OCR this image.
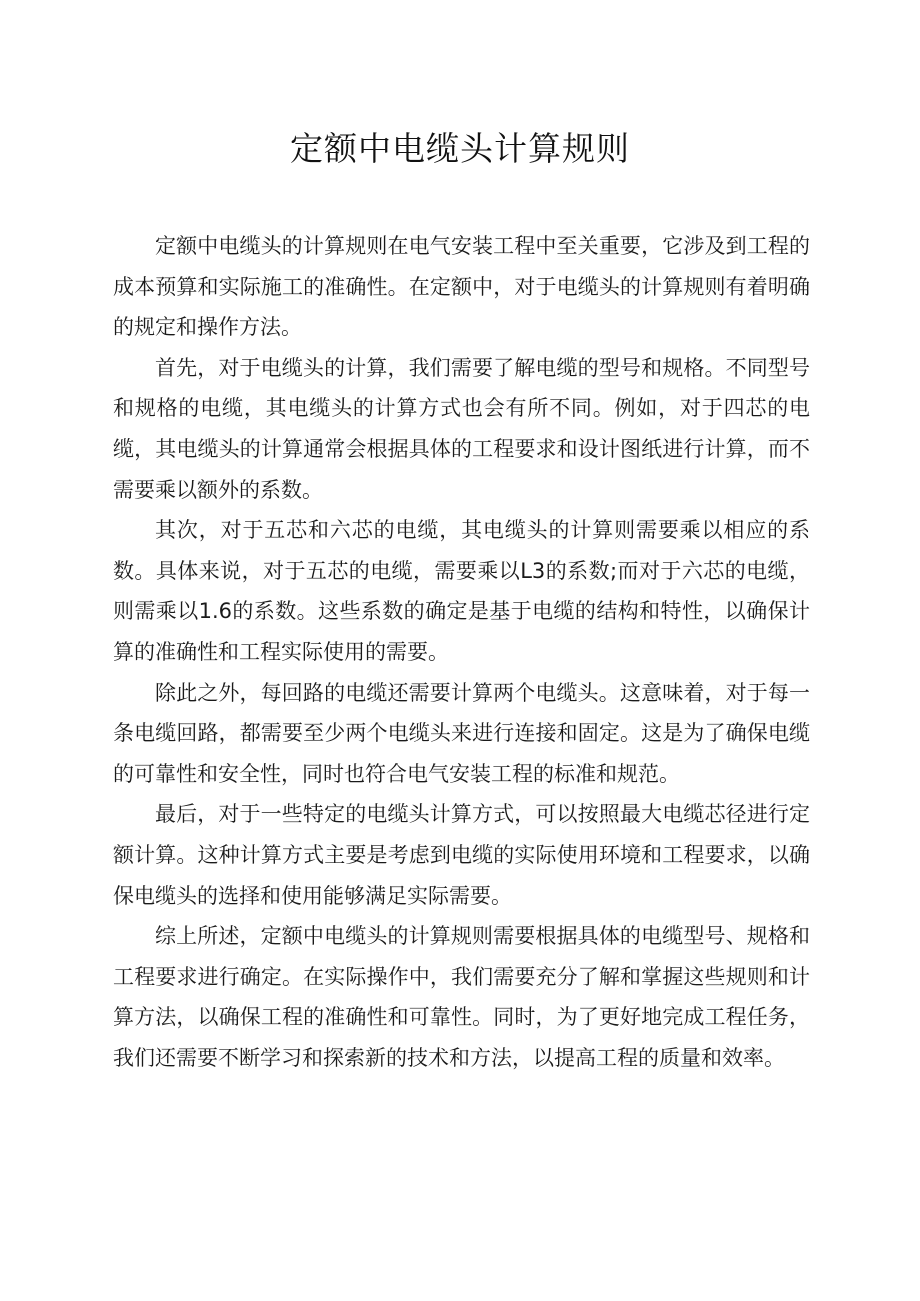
定额中电缆头计算规则

定额中电缆头的计算规则在电气安装工程中至关重要，它涉及到工程的成本预算和实际施工的准确性。在定额中，对于电缆头的计算规则有着明确的规定和操作方法。

首先，对于电缆头的计算，我们需要了解电缆的型号和规格。不同型号和规格的电缆，其电缆头的计算方式也会有所不同。例如，对于四芯的电缆，其电缆头的计算通常会根据具体的工程要求和设计图纸进行计算，而不需要乘以额外的系数。

其次，对于五芯和六芯的电缆，其电缆头的计算则需要乘以相应的系数。具体来说，对于五芯的电缆，需要乘以L3的系数;而对于六芯的电缆，则需乘以1.6的系数。这些系数的确定是基于电缆的结构和特性，以确保计算的准确性和工程实际使用的需要。

除此之外，每回路的电缆还需要计算两个电缆头。这意味着，对于每一条电缆回路，都需要至少两个电缆头来进行连接和固定。这是为了确保电缆的可靠性和安全性，同时也符合电气安装工程的标准和规范。

最后，对于一些特定的电缆头计算方式，可以按照最大电缆芯径进行定额计算。这种计算方式主要是考虑到电缆的实际使用环境和工程要求，以确保电缆头的选择和使用能够满足实际需要。

综上所述，定额中电缆头的计算规则需要根据具体的电缆型号、规格和工程要求进行确定。在实际操作中，我们需要充分了解和掌握这些规则和计算方法，以确保工程的准确性和可靠性。同时，为了更好地完成工程任务，我们还需要不断学习和探索新的技术和方法，以提高工程的质量和效率。
